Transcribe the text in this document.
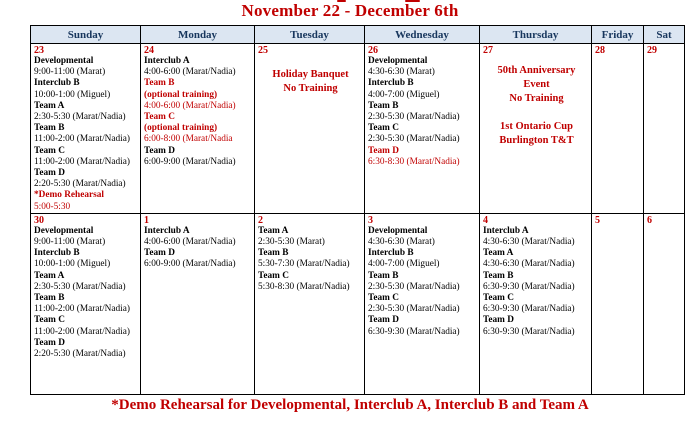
November 22 - December 6th
Sunday	Monday	Tuesday	Wednesday	Thursday	Friday	Sat

23
Developmental
9:00-11:00 (Marat)
Interclub B
10:00-1:00 (Miguel)
Team A
2:30-5:30 (Marat/Nadia)
Team B
11:00-2:00 (Marat/Nadia)
Team C
11:00-2:00 (Marat/Nadia)
Team D
2:20-5:30 (Marat/Nadia)
*Demo Rehearsal
5:00-5:30

24
Interclub A
4:00-6:00 (Marat/Nadia)
Team B
(optional training)
4:00-6:00 (Marat/Nadia)
Team C
(optional training)
6:00-8:00 (Marat/Nadia
Team D
6:00-9:00 (Marat/Nadia)

25
Holiday Banquet
No Training

26
Developmental
4:30-6:30 (Marat)
Interclub B
4:00-7:00 (Miguel)
Team B
2:30-5:30 (Marat/Nadia)
Team C
2:30-5:30 (Marat/Nadia)
Team D
6:30-8:30 (Marat/Nadia)

27
50th Anniversary
Event
No Training

1st Ontario Cup
Burlington T&T

28	29

30
Developmental
9:00-11:00 (Marat)
Interclub B
10:00-1:00 (Miguel)
Team A
2:30-5:30 (Marat/Nadia)
Team B
11:00-2:00 (Marat/Nadia)
Team C
11:00-2:00 (Marat/Nadia)
Team D
2:20-5:30 (Marat/Nadia)

1
Interclub A
4:00-6:00 (Marat/Nadia)
Team D
6:00-9:00 (Marat/Nadia)

2
Team A
2:30-5:30 (Marat)
Team B
5:30-7:30 (Marat/Nadia)
Team C
5:30-8:30 (Marat/Nadia)

3
Developmental
4:30-6:30 (Marat)
Interclub B
4:00-7:00 (Miguel)
Team B
2:30-5:30 (Marat/Nadia)
Team C
2:30-5:30 (Marat/Nadia)
Team D
6:30-9:30 (Marat/Nadia)

4
Interclub A
4:30-6:30 (Marat/Nadia)
Team A
4:30-6:30 (Marat/Nadia)
Team B
6:30-9:30 (Marat/Nadia)
Team C
6:30-9:30 (Marat/Nadia)
Team D
6:30-9:30 (Marat/Nadia)

5	6
*Demo Rehearsal for Developmental, Interclub A, Interclub B and Team A
